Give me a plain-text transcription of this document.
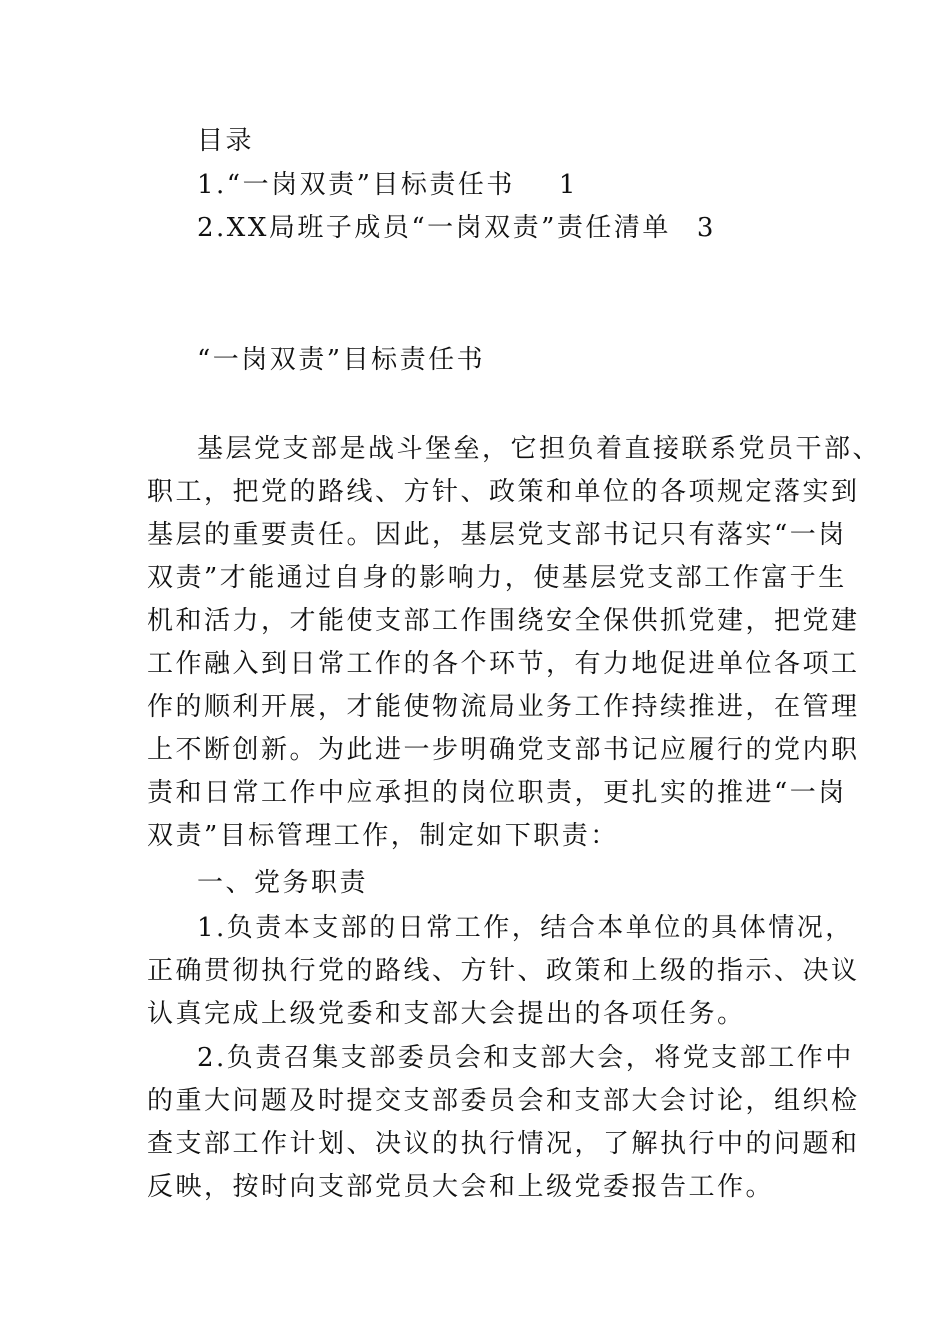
目录
1.“一岗双责”目标责任书 1
2.XX局班子成员“一岗双责”责任清单 3
“一岗双责”目标责任书
基层党支部是战斗堡垒，它担负着直接联系党员干部、
职工，把党的路线、方针、政策和单位的各项规定落实到
基层的重要责任。因此，基层党支部书记只有落实“一岗
双责”才能通过自身的影响力，使基层党支部工作富于生
机和活力，才能使支部工作围绕安全保供抓党建，把党建
工作融入到日常工作的各个环节，有力地促进单位各项工
作的顺利开展，才能使物流局业务工作持续推进，在管理
上不断创新。为此进一步明确党支部书记应履行的党内职
责和日常工作中应承担的岗位职责，更扎实的推进“一岗
双责”目标管理工作，制定如下职责：
一、党务职责
1.负责本支部的日常工作，结合本单位的具体情况，
正确贯彻执行党的路线、方针、政策和上级的指示、决议
认真完成上级党委和支部大会提出的各项任务。
2.负责召集支部委员会和支部大会，将党支部工作中
的重大问题及时提交支部委员会和支部大会讨论，组织检
查支部工作计划、决议的执行情况，了解执行中的问题和
反映，按时向支部党员大会和上级党委报告工作。
